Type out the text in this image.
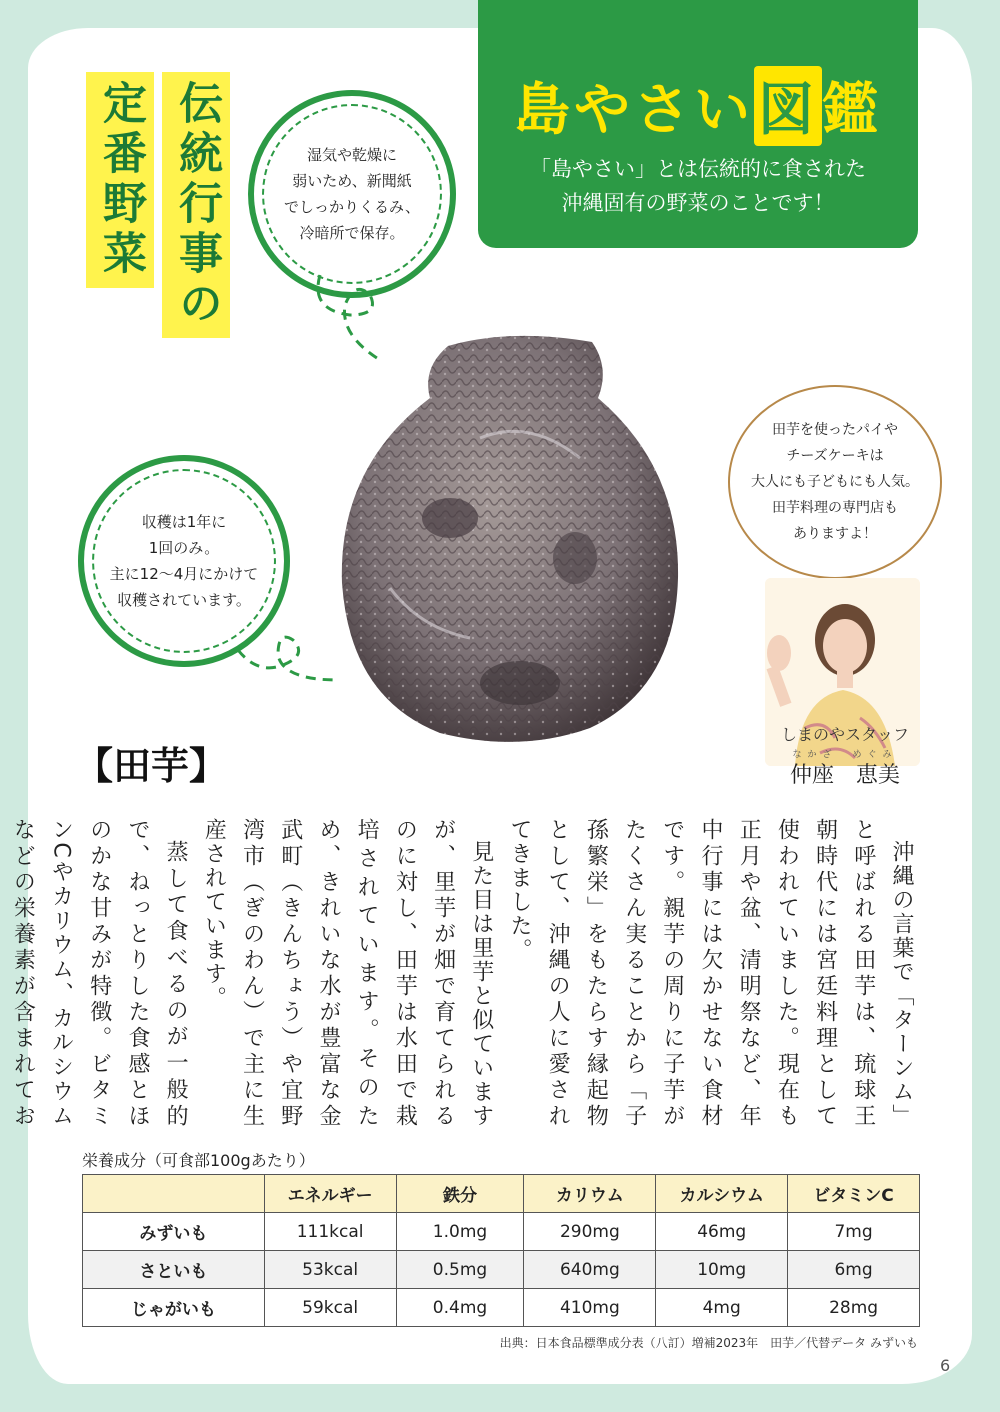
島やさい図鑑
「島やさい」とは伝統的に食された
沖縄固有の野菜のことです！
伝統行事の
定番野菜	湿気や乾燥に
弱いため、新聞紙
でしっかりくるみ、
冷暗所で保存。
収穫は1年に
1回のみ。
主に12〜4月にかけて
収穫されています。
田芋を使ったパイや
チーズケーキは
大人にも子どもにも人気。
田芋料理の専門店も
ありますよ！
しまのやスタッフ
なかざ　めぐみ
仲座　恵美
【田芋】

沖縄の言葉で「ターンム」と呼ばれる田芋は、琉球王朝時代には宮廷料理として使われていました。現在も正月や盆、清明祭など、年中行事には欠かせない食材です。親芋の周りに子芋がたくさん実ることから「子孫繁栄」をもたらす縁起物として、沖縄の人に愛されてきました。

見た目は里芋と似ていますが、里芋が畑で育てられるのに対し、田芋は水田で栽培されています。そのため、きれいな水が豊富な金武町（きんちょう）や宜野湾市（ぎのわん）で主に生産されています。

蒸して食べるのが一般的で、ねっとりした食感とほのかな甘みが特徴。ビタミンCやカリウム、カルシウムなどの栄養素が含まれてお

栄養成分（可食部100gあたり）
	エネルギー	鉄分	カリウム	カルシウム	ビタミンC
みずいも	111kcal	1.0mg	290mg	46mg	7mg
さといも	53kcal	0.5mg	640mg	10mg	6mg
じゃがいも	59kcal	0.4mg	410mg	4mg	28mg
出典：日本食品標準成分表（八訂）増補2023年　田芋／代替データ みずいも
6
